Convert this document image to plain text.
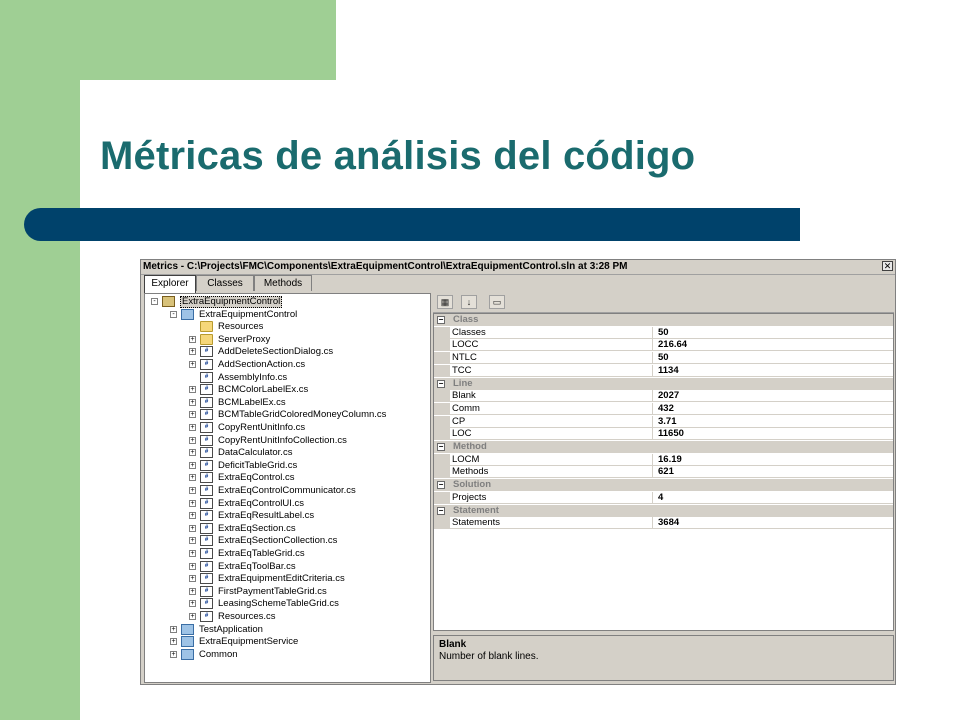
Métricas de análisis del código
Metrics - C:\Projects\FMC\Components\ExtraEquipmentControl\ExtraEquipmentControl.sln at 3:28 PM	✕
Explorer	Classes	Methods
-	ExtraEquipmentControl
-	ExtraEquipmentControl
Resources
+ ServerProxy
+	#	AddDeleteSectionDialog.cs
+	#	AddSectionAction.cs
#	AssemblyInfo.cs
+	#	BCMColorLabelEx.cs
+	#	BCMLabelEx.cs
+	#	BCMTableGridColoredMoneyColumn.cs
+	#	CopyRentUnitInfo.cs
+	#	CopyRentUnitInfoCollection.cs
+	#	DataCalculator.cs
+	#	DeficitTableGrid.cs
+	#	ExtraEqControl.cs
+	#	ExtraEqControlCommunicator.cs
+	#	ExtraEqControlUI.cs
+	#	ExtraEqResultLabel.cs
+	#	ExtraEqSection.cs
+	#	ExtraEqSectionCollection.cs
+	#	ExtraEqTableGrid.cs
+	#	ExtraEqToolBar.cs
+	#	ExtraEquipmentEditCriteria.cs
+	#	FirstPaymentTableGrid.cs
+	#	LeasingSchemeTableGrid.cs
+	#	Resources.cs
+ TestApplication
+ ExtraEquipmentService
+ Common
▦	↓	▭
− Class
Classes	50
LOCC	216.64
NTLC	50
TCC	1134
− Line
Blank	2027
Comm	432
CP	3.71
LOC	11650
− Method
LOCM	16.19
Methods	621
− Solution
Projects	4
− Statement
Statements	3684
Blank
Number of blank lines.
